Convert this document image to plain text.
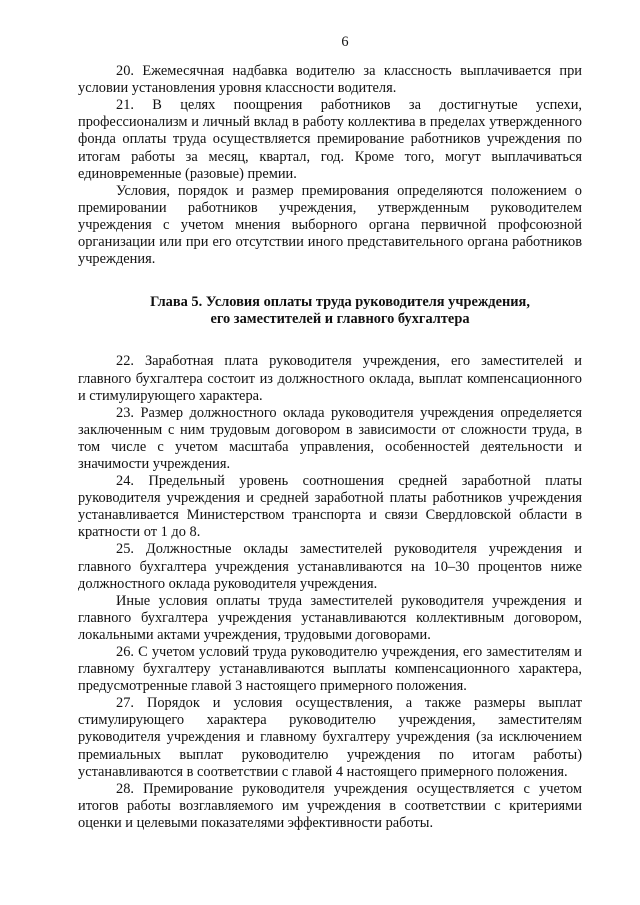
6

20. Ежемесячная надбавка водителю за классность выплачивается при условии установления уровня классности водителя.

21. В целях поощрения работников за достигнутые успехи, профессионализм и личный вклад в работу коллектива в пределах утвержденного фонда оплаты труда осуществляется премирование работников учреждения по итогам работы за месяц, квартал, год. Кроме того, могут выплачиваться единовременные (разовые) премии.

Условия, порядок и размер премирования определяются положением о премировании работников учреждения, утвержденным руководителем учреждения с учетом мнения выборного органа первичной профсоюзной организации или при его отсутствии иного представительного органа работников учреждения.

Глава 5. Условия оплаты труда руководителя учреждения,
его заместителей и главного бухгалтера

22. Заработная плата руководителя учреждения, его заместителей и главного бухгалтера состоит из должностного оклада, выплат компенсационного и стимулирующего характера.

23. Размер должностного оклада руководителя учреждения определяется заключенным с ним трудовым договором в зависимости от сложности труда, в том числе с учетом масштаба управления, особенностей деятельности и значимости учреждения.

24. Предельный уровень соотношения средней заработной платы руководителя учреждения и средней заработной платы работников учреждения устанавливается Министерством транспорта и связи Свердловской области в кратности от 1 до 8.

25. Должностные оклады заместителей руководителя учреждения и главного бухгалтера учреждения устанавливаются на 10–30 процентов ниже должностного оклада руководителя учреждения.

Иные условия оплаты труда заместителей руководителя учреждения и главного бухгалтера учреждения устанавливаются коллективным договором, локальными актами учреждения, трудовыми договорами.

26. С учетом условий труда руководителю учреждения, его заместителям и главному бухгалтеру устанавливаются выплаты компенсационного характера, предусмотренные главой 3 настоящего примерного положения.

27. Порядок и условия осуществления, а также размеры выплат стимулирующего характера руководителю учреждения, заместителям руководителя учреждения и главному бухгалтеру учреждения (за исключением премиальных выплат руководителю учреждения по итогам работы) устанавливаются в соответствии с главой 4 настоящего примерного положения.

28. Премирование руководителя учреждения осуществляется с учетом итогов работы возглавляемого им учреждения в соответствии с критериями оценки и целевыми показателями эффективности работы.
